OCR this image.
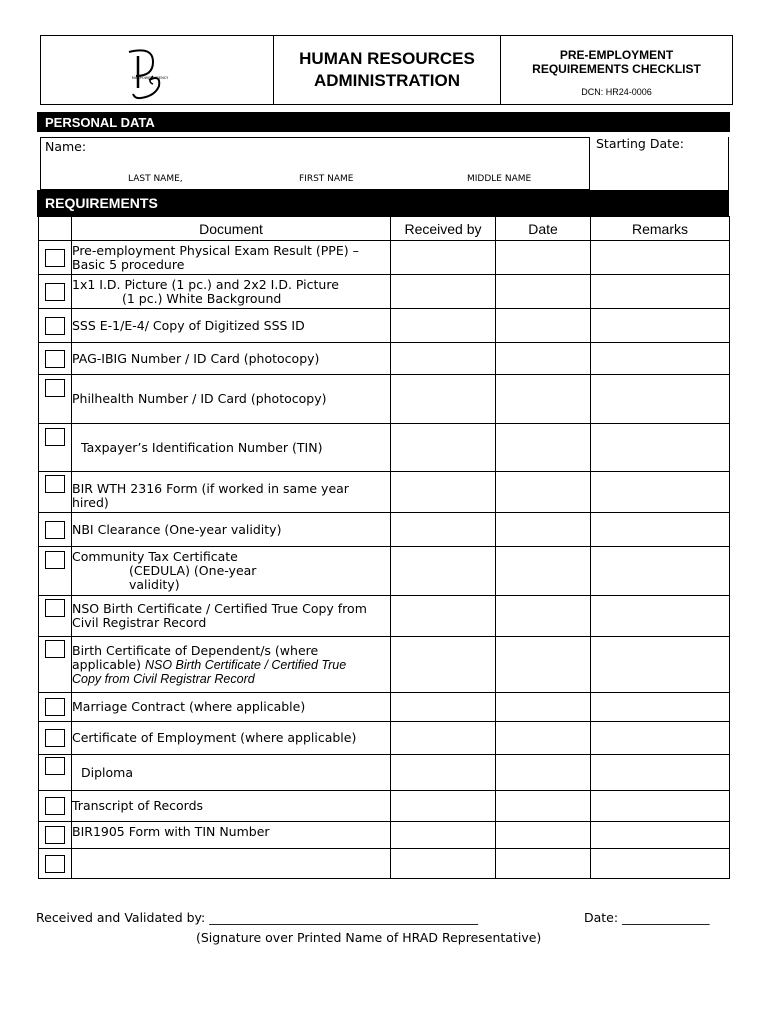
MANPOWER AGENCY
HUMAN RESOURCES
ADMINISTRATION
PRE-EMPLOYMENT
REQUIREMENTS CHECKLIST
DCN: HR24-0006
PERSONAL DATA
Name:
LAST NAME,	FIRST NAME	MIDDLE NAME
Starting Date:
REQUIREMENTS
	Document	Received by	Date	Remarks

	Pre-employment Physical Exam Result (PPE) –
Basic 5 procedure			

	1x1 I.D. Picture (1 pc.) and 2x2 I.D. Picture
(1 pc.) White Background			

	SSS E-1/E-4/ Copy of Digitized SSS ID			

	PAG-IBIG Number / ID Card (photocopy)			

	Philhealth Number / ID Card (photocopy)			

	Taxpayer’s Identification Number (TIN)			

	BIR WTH 2316 Form (if worked in same year
hired)			

	NBI Clearance (One-year validity)			

	Community Tax Certificate
(CEDULA) (One-year
validity)			

	NSO Birth Certificate / Certified True Copy from
Civil Registrar Record			

	Birth Certificate of Dependent/s (where
applicable) NSO Birth Certificate / Certified True
Copy from Civil Registrar Record			

	Marriage Contract (where applicable)			

	Certificate of Employment (where applicable)			

	Diploma			

	Transcript of Records			

	BIR1905 Form with TIN Number			

Received and Validated by: ___________________________________________	Date: ______________
(Signature over Printed Name of HRAD Representative)
